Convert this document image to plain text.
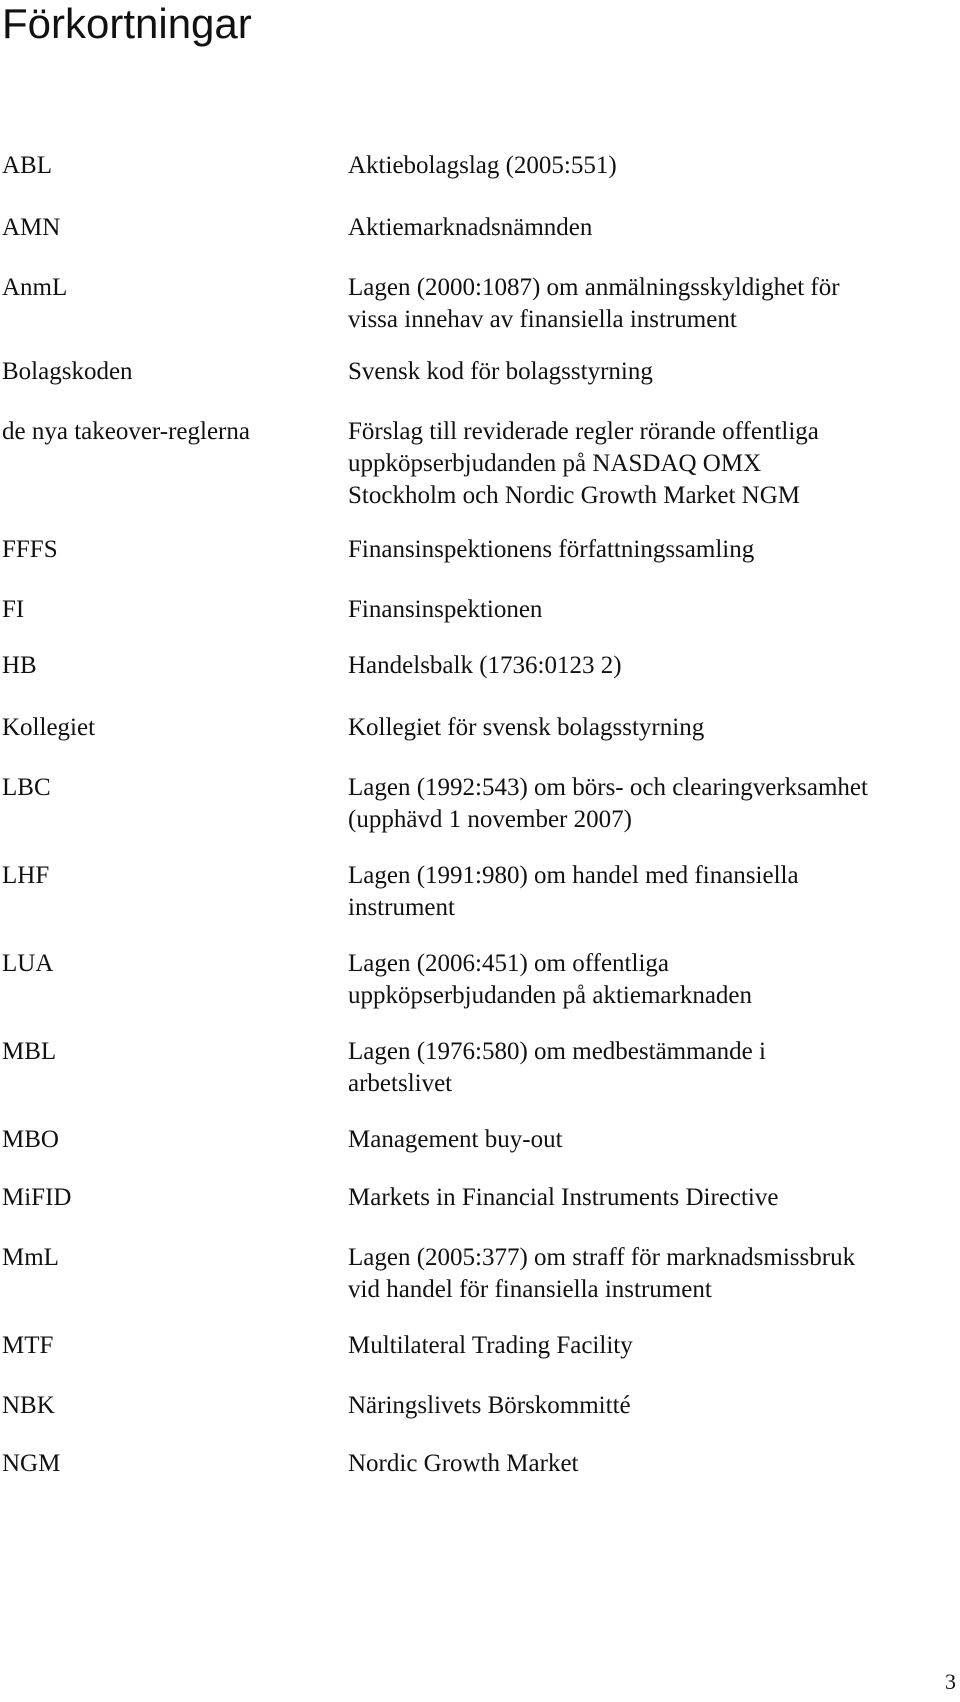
Förkortningar
ABL	Aktiebolagslag (2005:551)
AMN	Aktiemarknadsnämnden
AnmL	Lagen (2000:1087) om anmälningsskyldighet för
vissa innehav av finansiella instrument
Bolagskoden	Svensk kod för bolagsstyrning
de nya takeover-reglerna	Förslag till reviderade regler rörande offentliga
uppköpserbjudanden på NASDAQ OMX
Stockholm och Nordic Growth Market NGM
FFFS	Finansinspektionens författningssamling
FI	Finansinspektionen
HB	Handelsbalk (1736:0123 2)
Kollegiet	Kollegiet för svensk bolagsstyrning
LBC	Lagen (1992:543) om börs- och clearingverksamhet
(upphävd 1 november 2007)
LHF	Lagen (1991:980) om handel med finansiella
instrument
LUA	Lagen (2006:451) om offentliga
uppköpserbjudanden på aktiemarknaden
MBL	Lagen (1976:580) om medbestämmande i
arbetslivet
MBO	Management buy-out
MiFID	Markets in Financial Instruments Directive
MmL	Lagen (2005:377) om straff för marknadsmissbruk
vid handel för finansiella instrument
MTF	Multilateral Trading Facility
NBK	Näringslivets Börskommitté
NGM	Nordic Growth Market
3
